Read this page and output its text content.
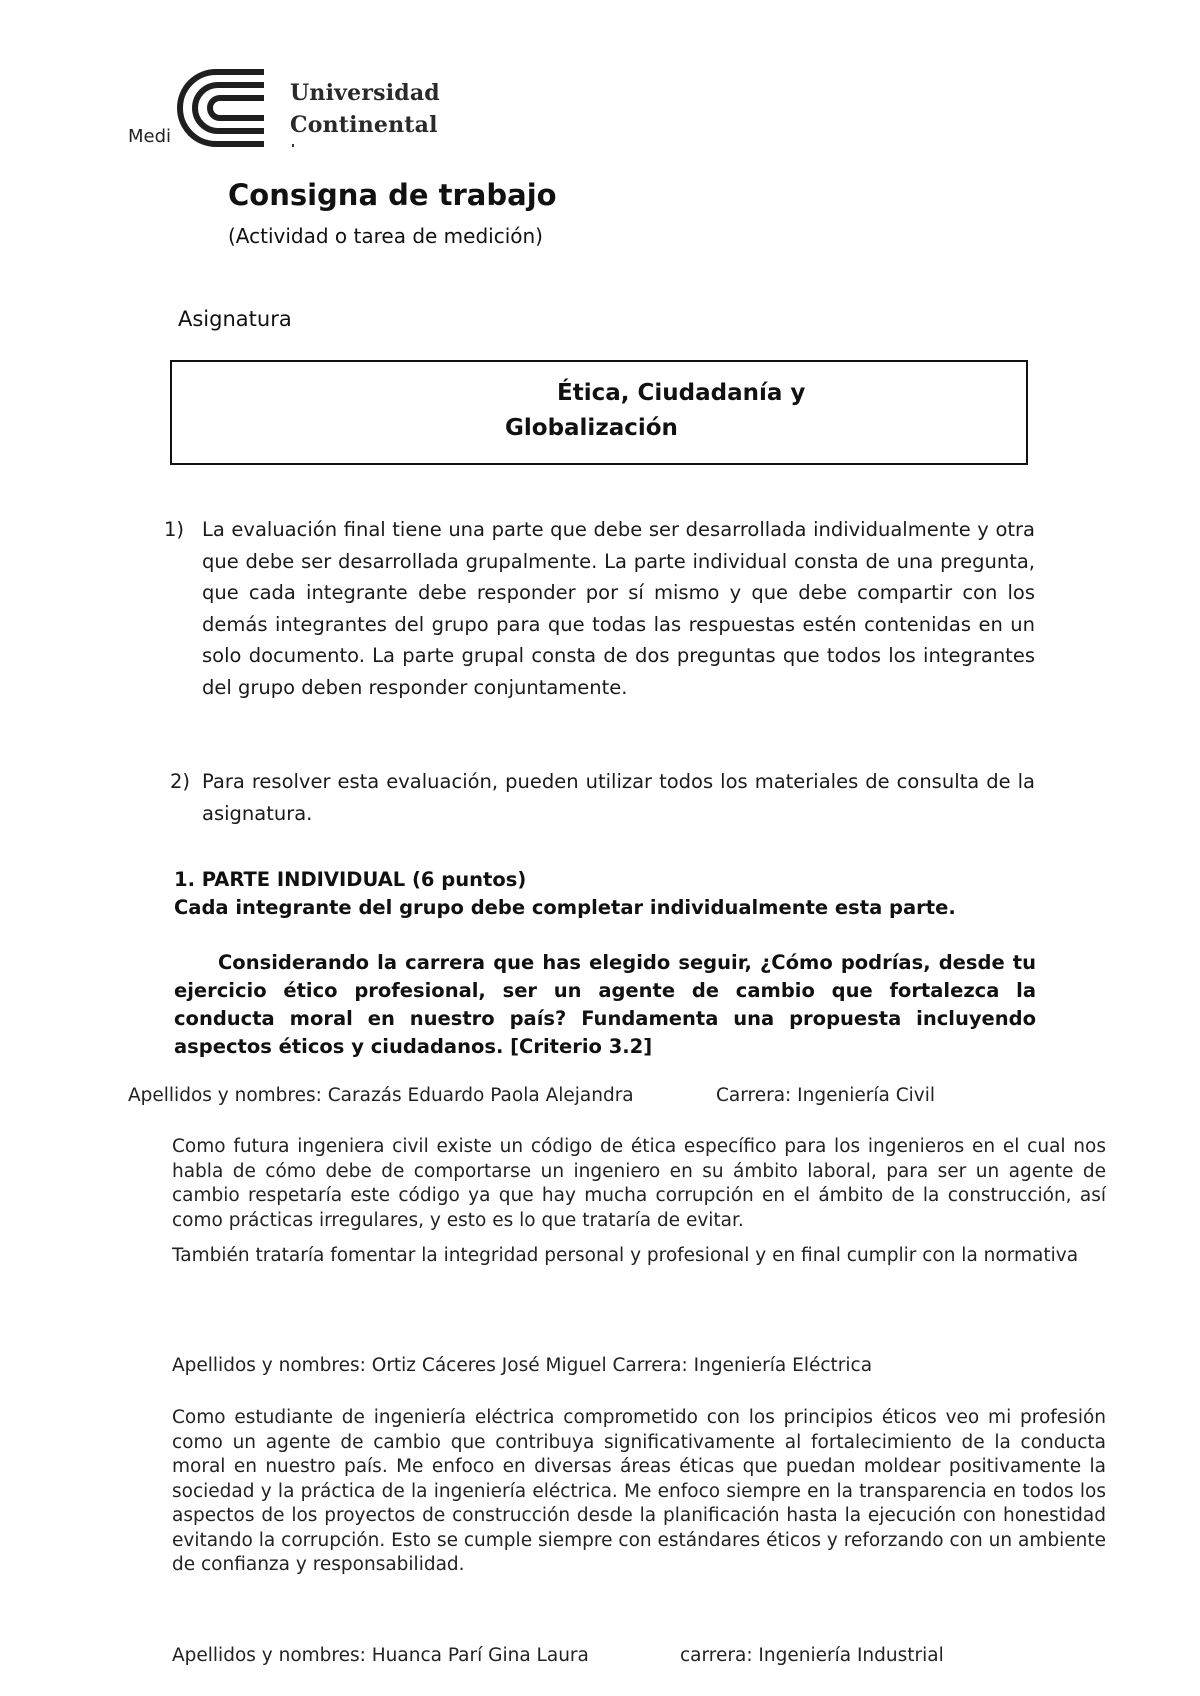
Universidad
Continental
Medi
Consigna de trabajo
(Actividad o tarea de medición)
Asignatura
Ética, Ciudadanía y
Globalización
1) La evaluación final tiene una parte que debe ser desarrollada individualmente y otra que debe ser desarrollada grupalmente. La parte individual consta de una pregunta, que cada integrante debe responder por sí mismo y que debe compartir con los demás integrantes del grupo para que todas las respuestas estén contenidas en un solo documento. La parte grupal consta de dos preguntas que todos los integrantes del grupo deben responder conjuntamente.
2) Para resolver esta evaluación, pueden utilizar todos los materiales de consulta de la asignatura.
1. PARTE INDIVIDUAL (6 puntos)
Cada integrante del grupo debe completar individualmente esta parte.
Considerando la carrera que has elegido seguir, ¿Cómo podrías, desde tu ejercicio ético profesional, ser un agente de cambio que fortalezca la conducta moral en nuestro país? Fundamenta una propuesta incluyendo aspectos éticos y ciudadanos. [Criterio 3.2]
Apellidos y nombres: Carazás Eduardo Paola Alejandra	Carrera: Ingeniería Civil
Como futura ingeniera civil existe un código de ética específico para los ingenieros en el cual nos habla de cómo debe de comportarse un ingeniero en su ámbito laboral, para ser un agente de cambio respetaría este código ya que hay mucha corrupción en el ámbito de la construcción, así como prácticas irregulares, y esto es lo que trataría de evitar.
También trataría fomentar la integridad personal y profesional y en final cumplir con la normativa
Apellidos y nombres: Ortiz Cáceres José Miguel Carrera: Ingeniería Eléctrica
Como estudiante de ingeniería eléctrica comprometido con los principios éticos veo mi profesión como un agente de cambio que contribuya significativamente al fortalecimiento de la conducta moral en nuestro país. Me enfoco en diversas áreas éticas que puedan moldear positivamente la sociedad y la práctica de la ingeniería eléctrica. Me enfoco siempre en la transparencia en todos los aspectos de los proyectos de construcción desde la planificación hasta la ejecución con honestidad evitando la corrupción. Esto se cumple siempre con estándares éticos y reforzando con un ambiente de confianza y responsabilidad.
Apellidos y nombres: Huanca Parí Gina Laura	carrera: Ingeniería Industrial
